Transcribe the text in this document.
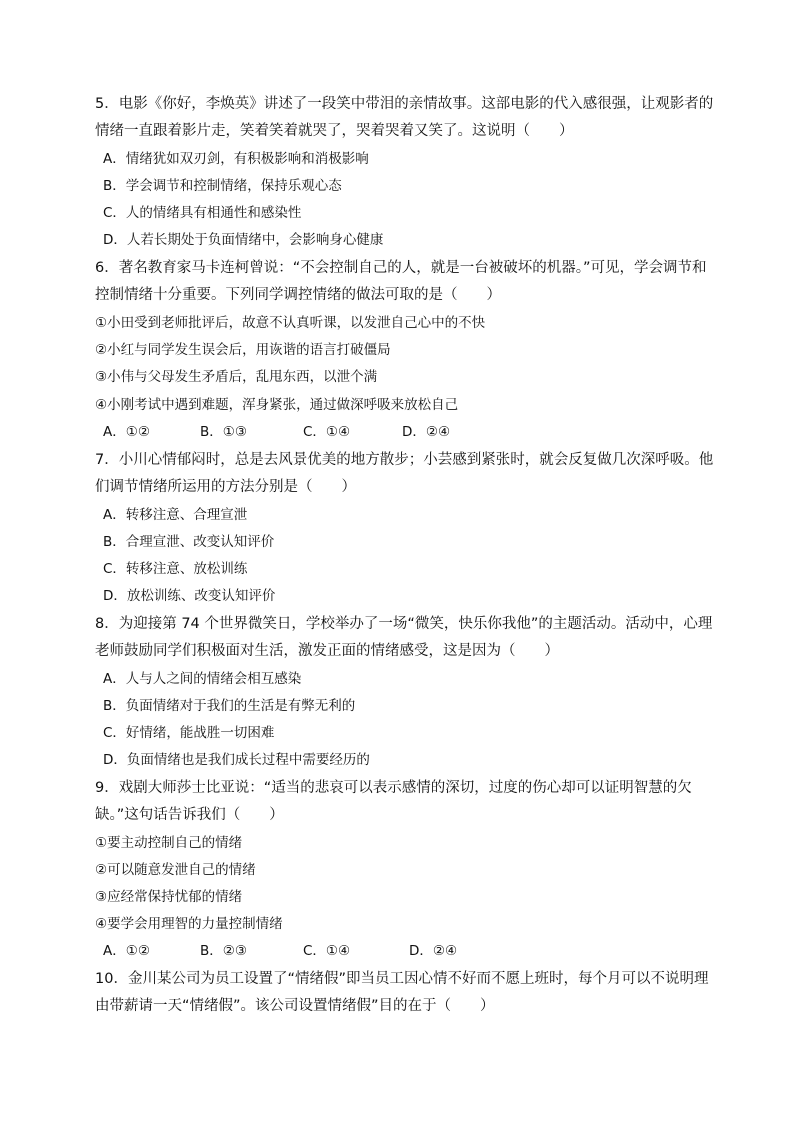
5．电影《你好，李焕英》讲述了一段笑中带泪的亲情故事。这部电影的代入感很强，让观影者的
情绪一直跟着影片走，笑着笑着就哭了，哭着哭着又笑了。这说明（　　）
A．情绪犹如双刃剑，有积极影响和消极影响
B．学会调节和控制情绪，保持乐观心态
C．人的情绪具有相通性和感染性
D．人若长期处于负面情绪中，会影响身心健康
6．著名教育家马卡连柯曾说：“不会控制自己的人，就是一台被破坏的机器。”可见，学会调节和
控制情绪十分重要。下列同学调控情绪的做法可取的是（　　）
①小田受到老师批评后，故意不认真听课，以发泄自己心中的不快
②小红与同学发生误会后，用诙谐的语言打破僵局
③小伟与父母发生矛盾后，乱甩东西，以泄个满
④小刚考试中遇到难题，浑身紧张，通过做深呼吸来放松自己
A．①②	B．①③	C．①④	D．②④
7．小川心情郁闷时，总是去风景优美的地方散步；小芸感到紧张时，就会反复做几次深呼吸。他
们调节情绪所运用的方法分别是（　　）
A．转移注意、合理宣泄
B．合理宣泄、改变认知评价
C．转移注意、放松训练
D．放松训练、改变认知评价
8．为迎接第 74 个世界微笑日，学校举办了一场“微笑，快乐你我他”的主题活动。活动中，心理
老师鼓励同学们积极面对生活，激发正面的情绪感受，这是因为（　　）
A．人与人之间的情绪会相互感染
B．负面情绪对于我们的生活是有弊无利的
C．好情绪，能战胜一切困难
D．负面情绪也是我们成长过程中需要经历的
9．戏剧大师莎士比亚说：“适当的悲哀可以表示感情的深切，过度的伤心却可以证明智慧的欠
缺。”这句话告诉我们（　　）
①要主动控制自己的情绪
②可以随意发泄自己的情绪
③应经常保持忧郁的情绪
④要学会用理智的力量控制情绪
A．①②	B．②③	C．①④	D．②④
10．金川某公司为员工设置了“情绪假”即当员工因心情不好而不愿上班时，每个月可以不说明理
由带薪请一天“情绪假”。该公司设置情绪假”目的在于（　　）
